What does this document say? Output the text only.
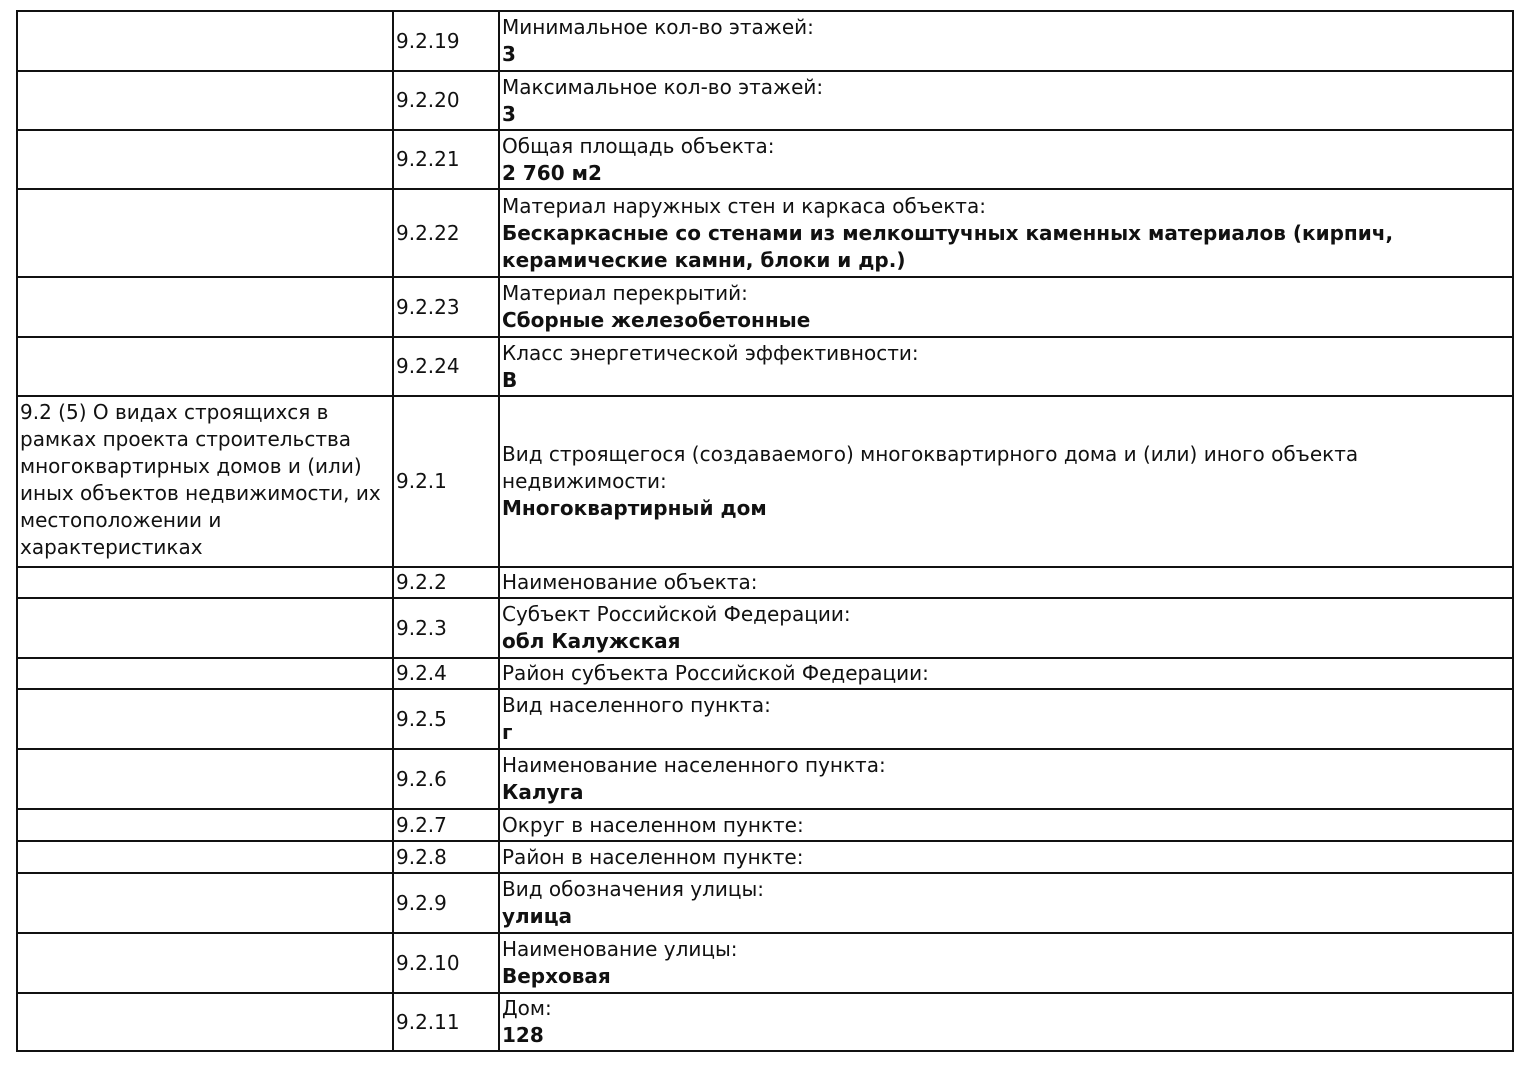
	9.2.19	Минимальное кол-во этажей:
3

	9.2.20	Максимальное кол-во этажей:
3

	9.2.21	Общая площадь объекта:
2 760 м2

	9.2.22	Материал наружных стен и каркаса объекта:
Бескаркасные со стенами из мелкоштучных каменных материалов (кирпич, керамические камни, блоки и др.)

	9.2.23	Материал перекрытий:
Сборные железобетонные

	9.2.24	Класс энергетической эффективности:
В

9.2 (5) О видах строящихся в рамках проекта строительства многоквартирных домов и (или) иных объектов недвижимости, их местоположении и характеристиках	9.2.1	Вид строящегося (создаваемого) многоквартирного дома и (или) иного объекта недвижимости:
Многоквартирный дом

	9.2.2	Наименование объекта:

	9.2.3	Субъект Российской Федерации:
обл Калужская

	9.2.4	Район субъекта Российской Федерации:

	9.2.5	Вид населенного пункта:
г

	9.2.6	Наименование населенного пункта:
Калуга

	9.2.7	Округ в населенном пункте:

	9.2.8	Район в населенном пункте:

	9.2.9	Вид обозначения улицы:
улица

	9.2.10	Наименование улицы:
Верховая

	9.2.11	Дом:
128
